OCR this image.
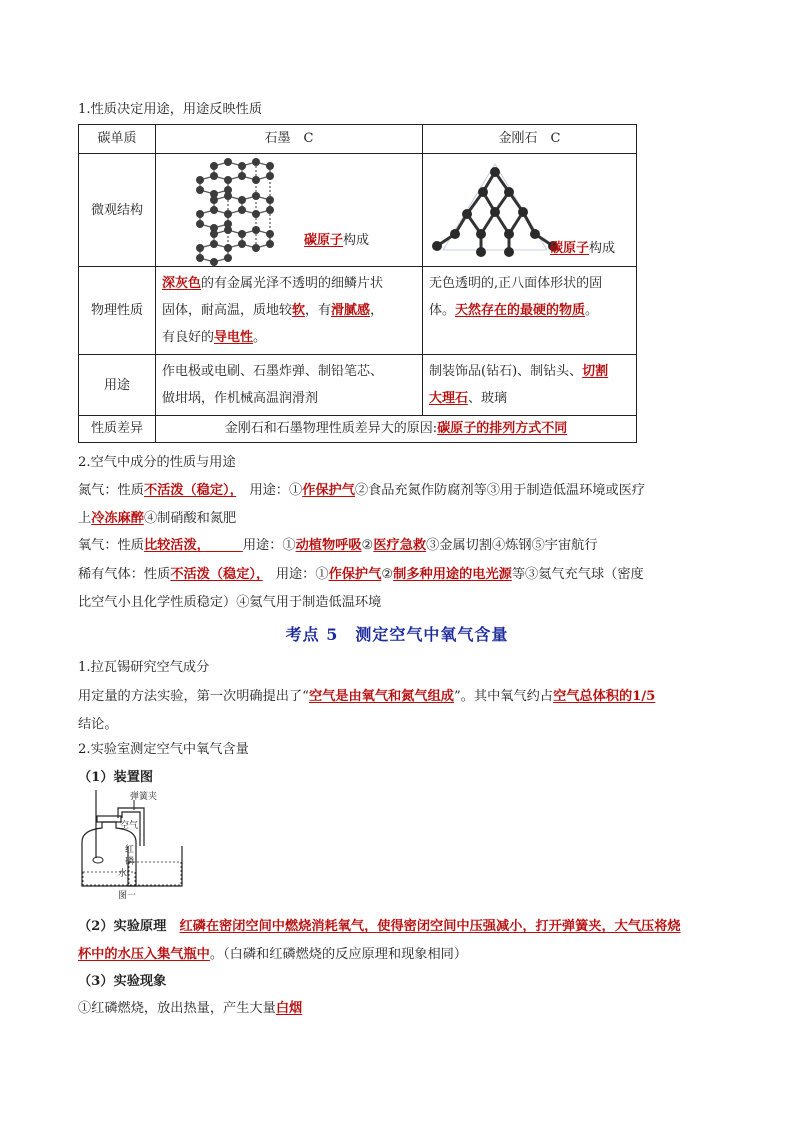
1.性质决定用途，用途反映性质
碳单质	石墨　C	金刚石　C
微观结构	碳原子构成	碳原子构成

物理性质	深灰色的有金属光泽不透明的细鳞片状
固体，耐高温，质地较软，有滑腻感，
有良好的导电性。	无色透明的,正八面体形状的固
体。天然存在的最硬的物质。
用途	作电极或电刷、石墨炸弹、制铅笔芯、
做坩埚，作机械高温润滑剂	制装饰品(钻石)、制钻头、切割
大理石、玻璃
性质差异	金刚石和石墨物理性质差异大的原因:碳原子的排列方式不同	
2.空气中成分的性质与用途
氮气：性质不活泼（稳定），　 用途：①作保护气②食品充氮作防腐剂等③用于制造低温环境或医疗
上冷冻麻醉④制硝酸和氮肥
氧气：性质比较活泼，　　　	用途：①动植物呼吸②医疗急救③金属切割④炼钢⑤宇宙航行
稀有气体：性质不活泼（稳定），　 用途：①作保护气②制多种用途的电光源等③氦气充气球（密度
比空气小且化学性质稳定）④氦气用于制造低温环境
考点 5　测定空气中氧气含量
1.拉瓦锡研究空气成分
用定量的方法实验，第一次明确提出了“空气是由氧气和氮气组成”。其中氧气约占空气总体积的1/5
结论。
2.实验室测定空气中氧气含量
（1）装置图
弹簧夹
空气
红
磷
水
图一
（2）实验原理　 红磷在密闭空间中燃烧消耗氧气，使得密闭空间中压强减小，打开弹簧夹，大气压将烧
杯中的水压入集气瓶中。（白磷和红磷燃烧的反应原理和现象相同）
（3）实验现象
①红磷燃烧，放出热量，产生大量白烟
